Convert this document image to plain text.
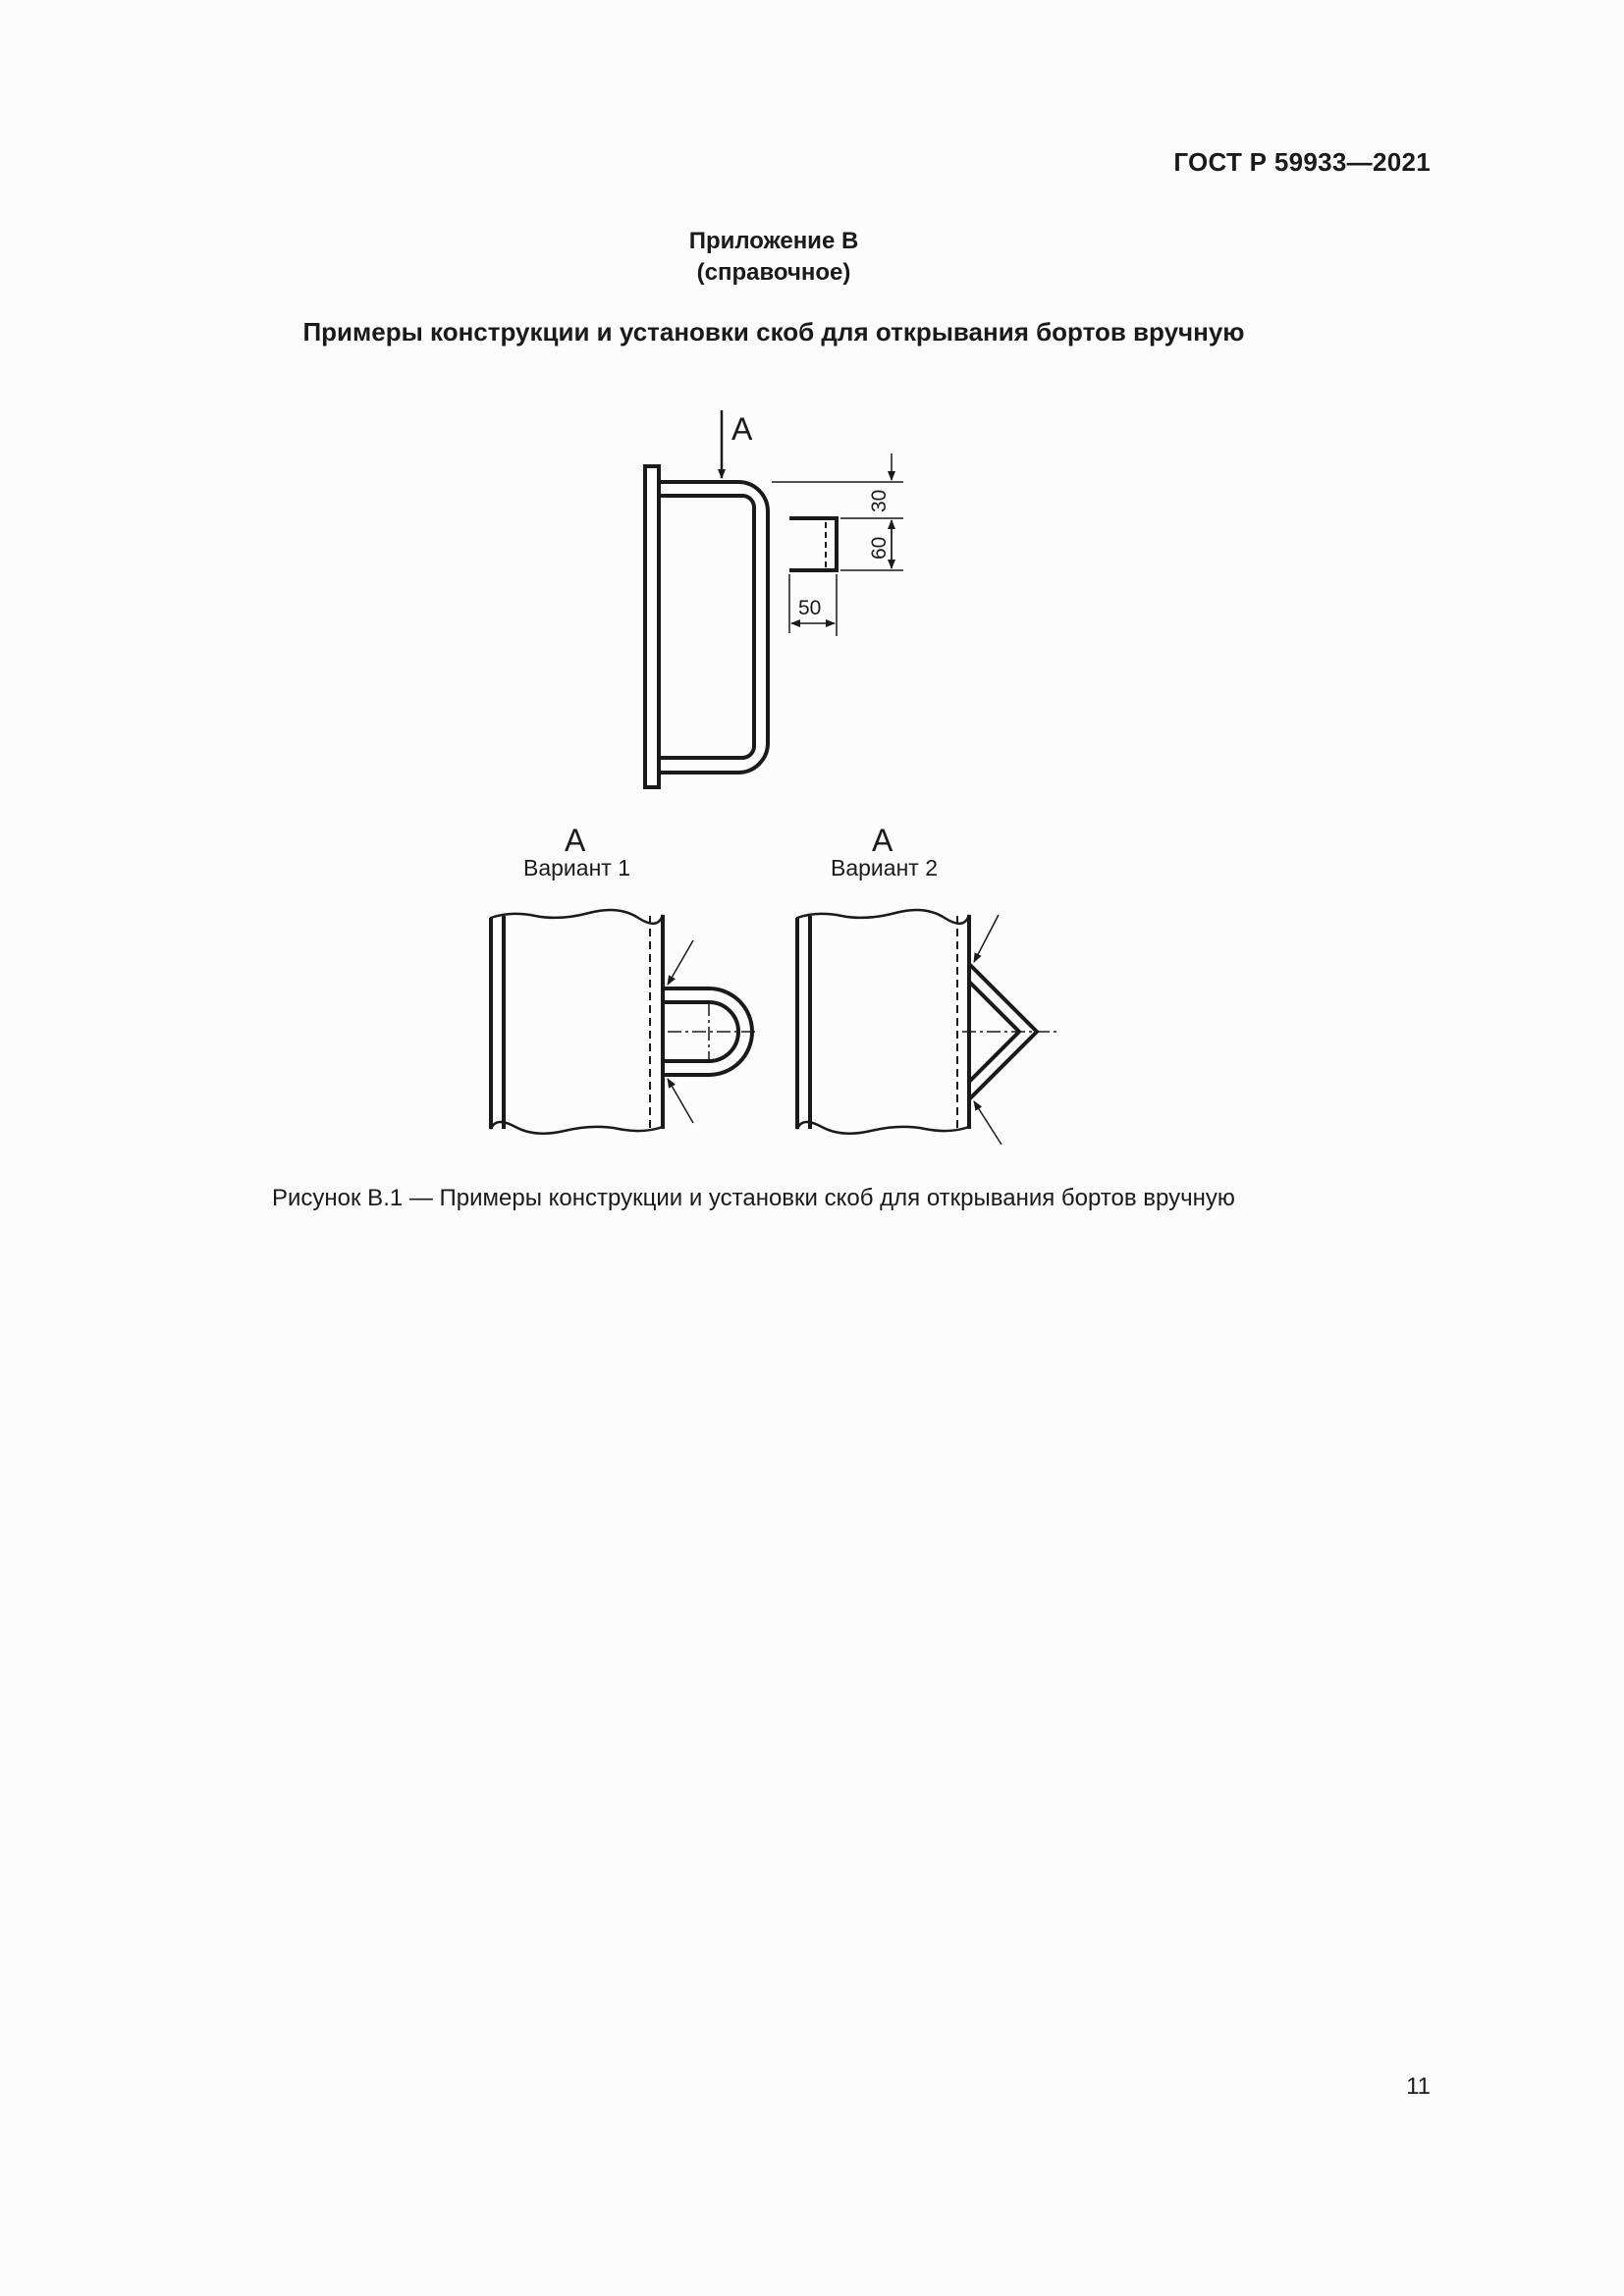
ГОСТ Р 59933—2021
Приложение В
(справочное)
Примеры конструкции и установки скоб для открывания бортов вручную
А
30
60
50
А
Вариант 1
А
Вариант 2
Рисунок В.1 — Примеры конструкции и установки скоб для открывания бортов вручную
11
